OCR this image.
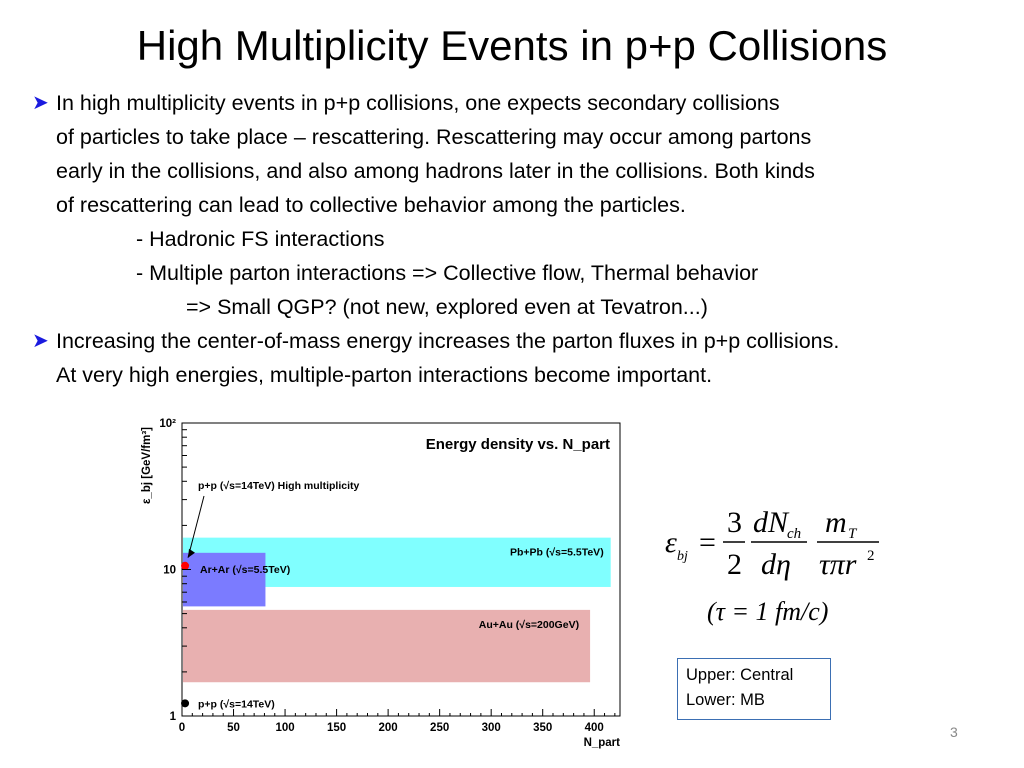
High Multiplicity Events in p+p Collisions
➤ In high multiplicity events in p+p collisions, one expects secondary collisions
of particles to take place – rescattering. Rescattering may occur among partons
early in the collisions, and also among hadrons later in the collisions. Both kinds
of rescattering can lead to collective behavior among the particles.
- Hadronic FS interactions
- Multiple parton interactions => Collective flow, Thermal behavior
=> Small QGP? (not new, explored even at Tevatron...)
➤ Increasing the center-of-mass energy increases the parton fluxes in p+p collisions.
At very high energies, multiple-parton interactions become important.
Pb+Pb (√s=5.5TeV)
Au+Au (√s=200GeV)
Ar+Ar (√s=5.5TeV)
p+p (√s=14TeV) High multiplicity
p+p (√s=14TeV)
0	50	100	150	200	250	300	350	400
1
10
10²
Energy density vs. N_part
N_part
ε_bj [GeV/fm³]
ε bj =
3
2
dN
ch
dη
m T
τπr 2
(τ = 1 fm/c)
Upper: Central
Lower: MB
3
